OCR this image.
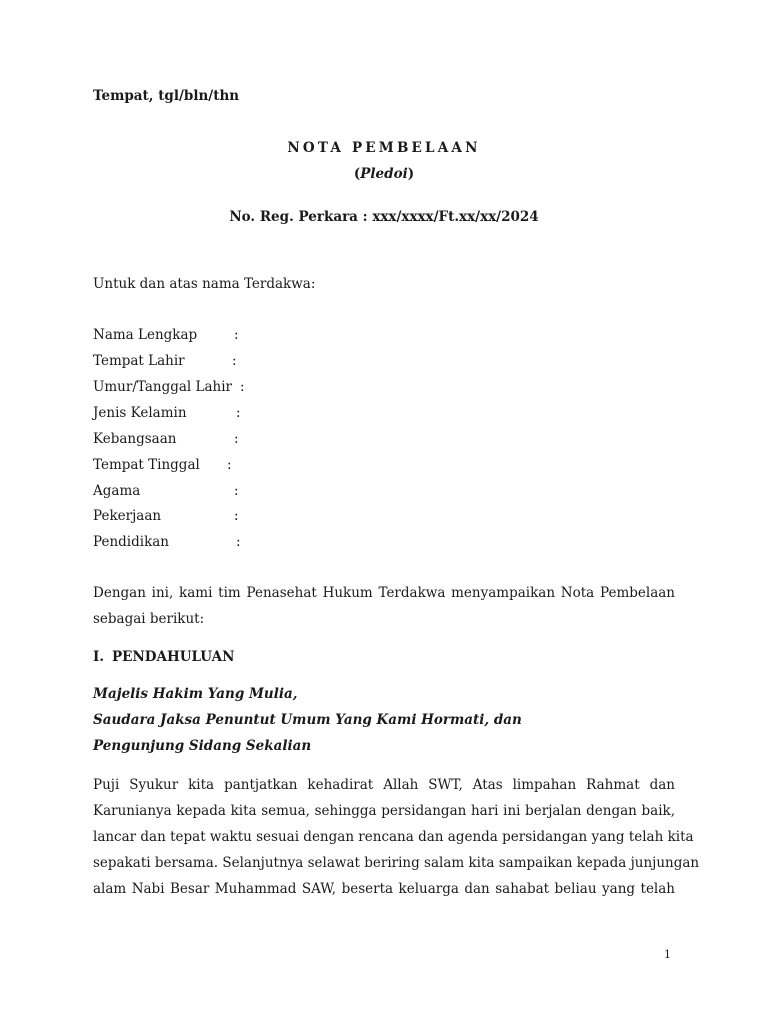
Tempat, tgl/bln/thn
NOTA PEMBELAAN
(Pledoi)
No. Reg. Perkara : xxx/xxxx/Ft.xx/xx/2024
Untuk dan atas nama Terdakwa:
Nama Lengkap	:
Tempat Lahir	:
Umur/Tanggal Lahir :
Jenis Kelamin	:
Kebangsaan	:
Tempat Tinggal :
Agama	:
Pekerjaan	:
Pendidikan	:
Dengan ini, kami tim Penasehat Hukum Terdakwa menyampaikan Nota Pembelaan
sebagai berikut:
I. PENDAHULUAN
Majelis Hakim Yang Mulia,
Saudara Jaksa Penuntut Umum Yang Kami Hormati, dan
Pengunjung Sidang Sekalian
Puji Syukur kita pantjatkan kehadirat Allah SWT, Atas limpahan Rahmat dan
Karunianya kepada kita semua, sehingga persidangan hari ini berjalan dengan baik,
lancar dan tepat waktu sesuai dengan rencana dan agenda persidangan yang telah kita
sepakati bersama. Selanjutnya selawat beriring salam kita sampaikan kepada junjungan
alam Nabi Besar Muhammad SAW, beserta keluarga dan sahabat beliau yang telah
1
